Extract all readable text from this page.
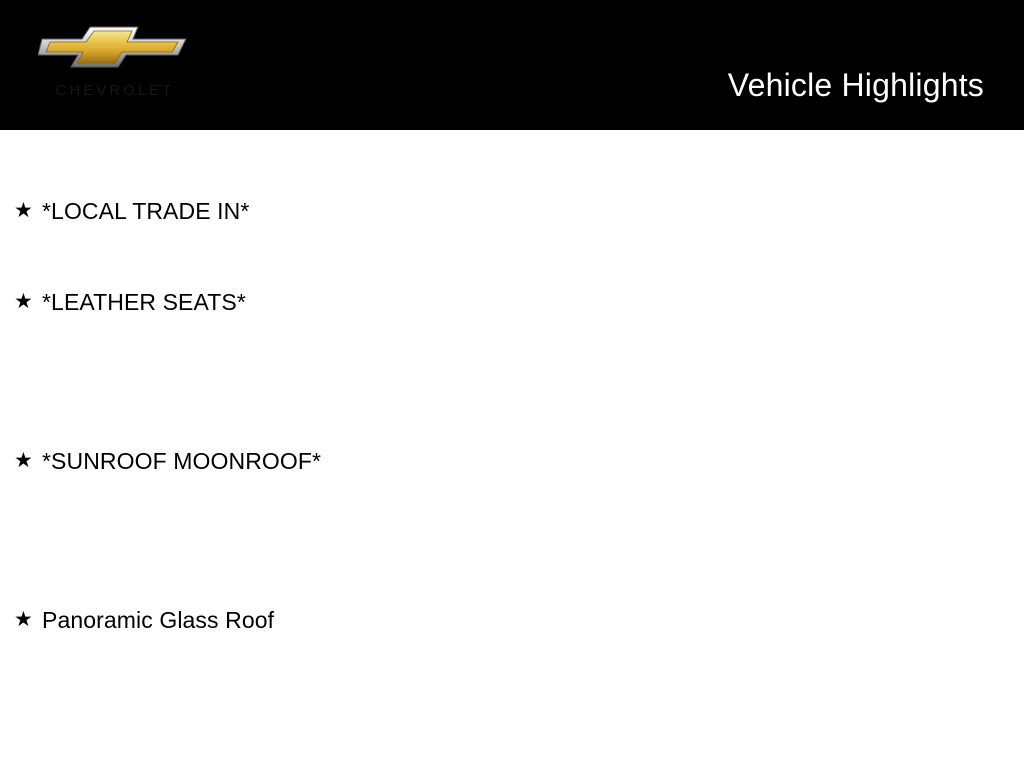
CHEVROLET	Vehicle Highlights
★ *LOCAL TRADE IN*
★ *LEATHER SEATS*
★ *SUNROOF MOONROOF*
★ Panoramic Glass Roof
